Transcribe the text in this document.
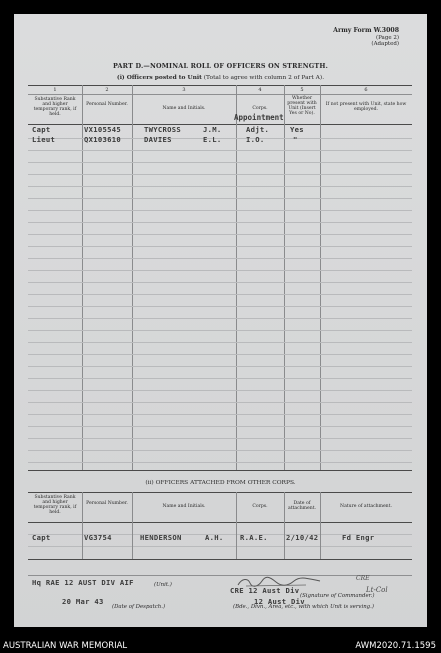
Army Form W.3008
(Page 2)
(Adapted)
PART D.—NOMINAL ROLL OF OFFICERS ON STRENGTH.
(i) Officers posted to Unit (Total to agree with column 2 of Part A).
1	2	3	4	5	6
Substantive Rank and higher temporary rank, if held.
Personal Number.
Name and Initials.	Corps.
Whether present with Unit (Insert Yes or No).
If not present with Unit, state how employed.
Appointment
Capt	VX105545	TWYCROSS	J.M.	Adjt.	Yes
Lieut	QX103610	DAVIES	E.L.	I.O.	"
(ii) OFFICERS ATTACHED FROM OTHER CORPS.
Substantive Rank and higher temporary rank, if held.
Personal Number.
Name and Initials.	Corps.
Date of attachment.	Nature of attachment.
Capt	VG3754	HENDERSON	A.H. R.A.E.	2/10/42	Fd Engr
Hq RAE 12 AUST DIV AIF	(Unit.)
20 Mar 43
(Date of Despatch.)
CRE
(Signature of Commander.)
Lt-Col
CRE 12 Aust Div
12 Aust Div
(Bde., Divn., Area, etc., with which Unit is serving.)
AUSTRALIAN WAR MEMORIAL	AWM2020.71.1595
